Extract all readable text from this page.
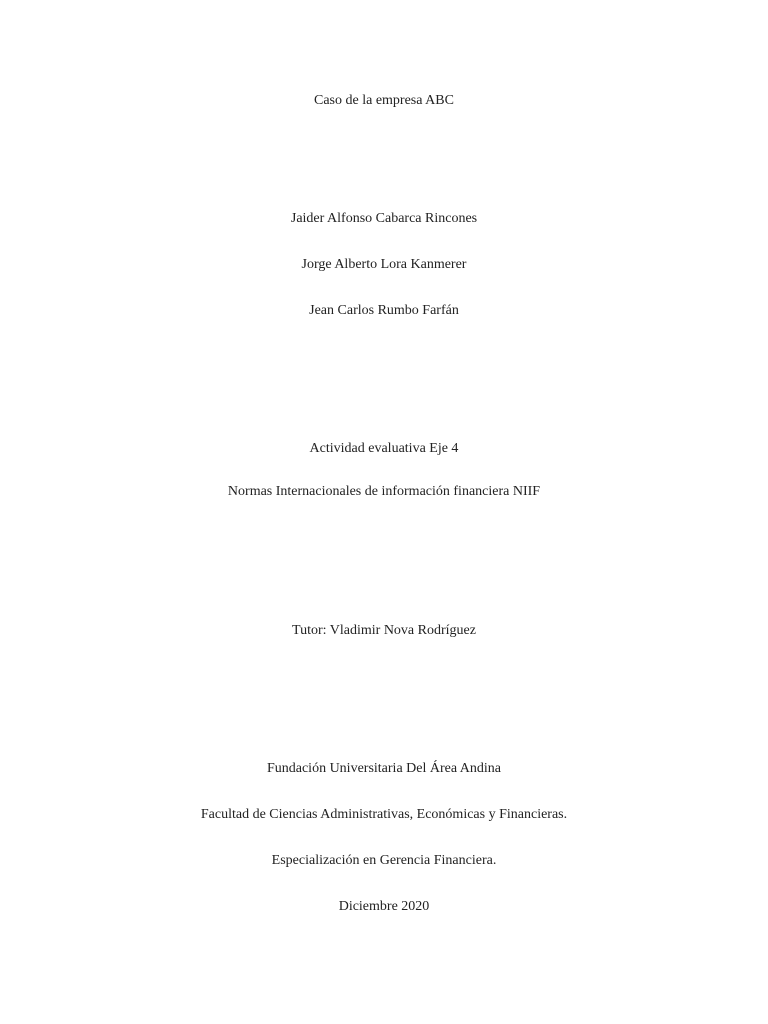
Caso de la empresa ABC
Jaider Alfonso Cabarca Rincones
Jorge Alberto Lora Kanmerer
Jean Carlos Rumbo Farfán
Actividad evaluativa Eje 4
Normas Internacionales de información financiera NIIF
Tutor: Vladimir Nova Rodríguez
Fundación Universitaria Del Área Andina
Facultad de Ciencias Administrativas, Económicas y Financieras.
Especialización en Gerencia Financiera.
Diciembre 2020
